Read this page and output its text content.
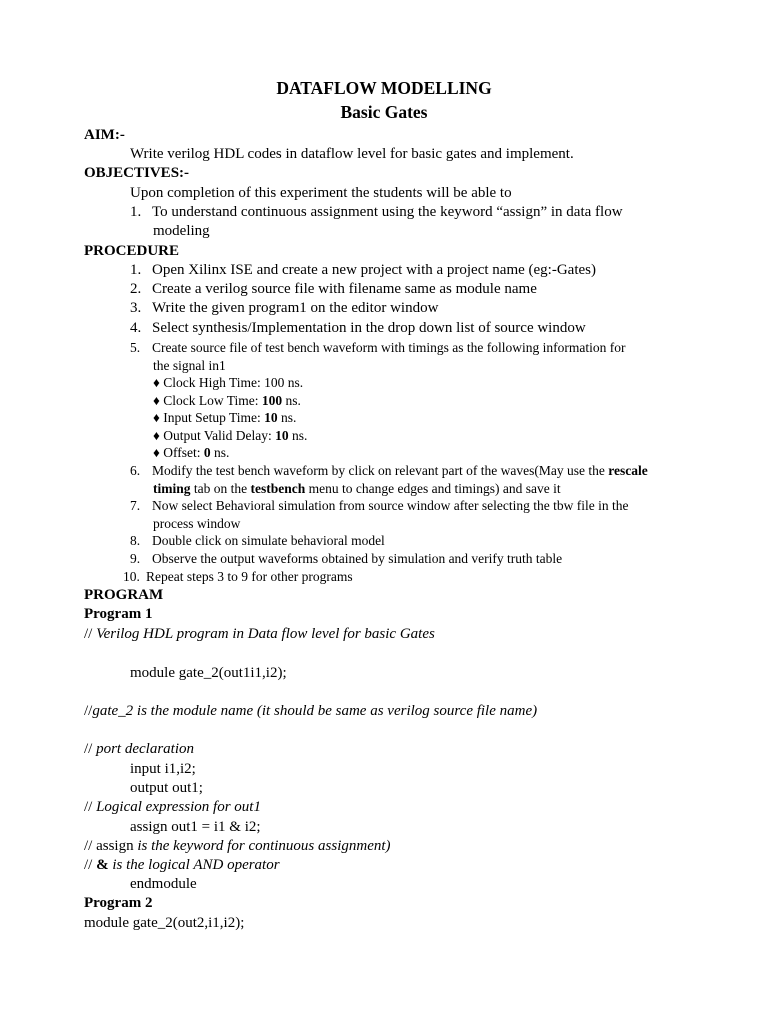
DATAFLOW MODELLING
Basic Gates
AIM:-
Write verilog HDL codes in dataflow level for basic gates and implement.
OBJECTIVES:-
Upon completion of this experiment the students will be able to
1. To understand continuous assignment using the keyword “assign” in data flow
modeling
PROCEDURE
1. Open Xilinx ISE and create a new project with a project name (eg:-Gates)
2. Create a verilog source file with filename same as module name
3. Write the given program1 on the editor window
4. Select synthesis/Implementation in the drop down list of source window
5. Create source file of test bench waveform with timings as the following information for
the signal in1
♦ Clock High Time: 100 ns.
♦ Clock Low Time: 100 ns.
♦ Input Setup Time: 10 ns.
♦ Output Valid Delay: 10 ns.
♦ Offset: 0 ns.
6. Modify the test bench waveform by click on relevant part of the waves(May use the rescale
timing tab on the testbench menu to change edges and timings) and save it
7. Now select Behavioral simulation from source window after selecting the tbw file in the
process window
8. Double click on simulate behavioral model
9. Observe the output waveforms obtained by simulation and verify truth table
10. Repeat steps 3 to 9 for other programs
PROGRAM
Program 1
// Verilog HDL program in Data flow level for basic Gates
module gate_2(out1i1,i2);
//gate_2 is the module name (it should be same as verilog source file name)
// port declaration
input i1,i2;
output out1;
// Logical expression for out1
assign out1 = i1 & i2;
// assign is the keyword for continuous assignment)
// & is the logical AND operator
endmodule
Program 2
module gate_2(out2,i1,i2);
